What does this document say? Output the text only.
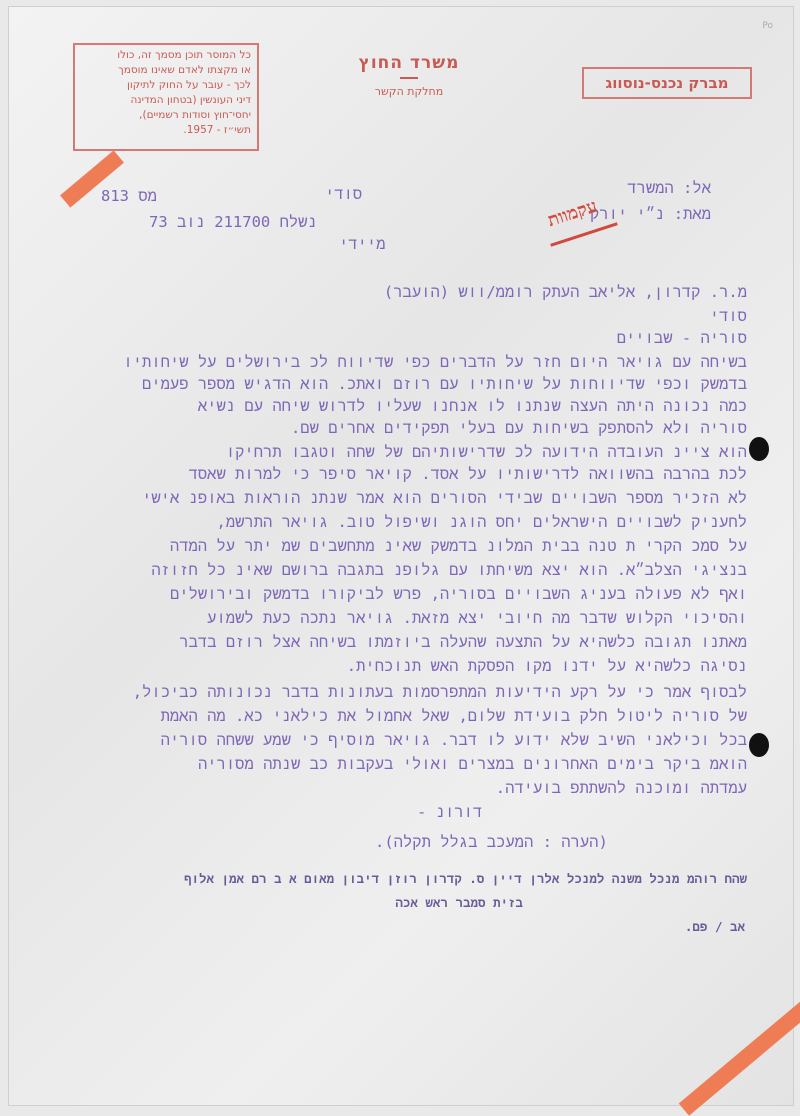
Po
כל המוסר תוכן מסמך זה, כולו
או מקצתו לאדם שאינו מוסמך
לכך - עובר על החוק לתיקון
דיני העונשין (בטחון המדינה
יחסי־חוץ וסודות רשמיים),
תשי״ז - 1957.
משרד החוץ
מחלקת הקשר	מברק נכנס-נוסווג
אל: המשרד
סודי
מס 813
מאת: נ״י יורק
נשלח 211700 נוב 73	עקמוות
מיידי
מ.ר. קדרון, אליאב העתק רוממ/ווש (הועבר)
סודי
סוריה - שבויים
בשיחה עם גויאר היום חזר על הדברים כפי שדיווח לכ בירושלים על שיחותיו
בדמשק וכפי שדיווחות על שיחותיו עם רוזם ואתכ. הוא הדגיש מספר פעמים
כמה נכונה היתה העצה שנתנו לו אנחנו שעליו לדרוש שיחה עם נשיא
סוריה ולא להסתפק בשיחות עם בעלי תפקידים אחרים שם.
הוא ציינ העובדה הידועה לכ שדרישותיהם של שחה וטגבו תרחיקו
לכת בהרבה בהשוואה לדרישותיו על אסד. קויאר סיפר כי למרות שאסד
לא הזכיר מספר השבויים שבידי הסורים הוא אמר שנתנ הוראות באופנ אישי
לחעניק לשבויים הישראלים יחס הוגנ ושיפול טוב. גויאר התרשמ,
על סמכ הקרי ת טנה בבית המלונ בדמשק שאינ מתחשבים שמ יתר על המדה
בנציגי הצלב״א. הוא יצא משיחתו עם גלופנ בתגבה ברושם שאינ כל חזוזה
ואף לא פעולה בעניג השבויים בסוריה, פרש לביקורו בדמשק ובירושלים
והסיכוי הקלוש שדבר מה חיובי יצא מזאת. גויאר נתכה כעת לשמוע
מאתנו תגובה כלשהיא על התצעה שהעלה ביוזמתו בשיחה אצל רוזם בדבר
נסיגה כלשהיא על ידנו מקו הפסקת האש תנוכחית.
לבסוף אמר כי על רקע הידיעות המתפרסמות בעתונות בדבר נכונותה כביכול,
של סוריה ליטול חלק בועידת שלום, שאל אחמול את כילאני כא. מה האמת
בכל וכילאני השיב שלא ידוע לו דבר. גויאר מוסיף כי שמע ששחה סוריה
הואמ ביקר בימים האחרונים במצרים ואולי בעקבות כב שנתה מסוריה
עמדתה ומוכנה להשתתפ בועידה.
דורונ -
(הערה : המעכב בגלל תקלה).
שהח רוהמ מנכל משנה למנכל אלרן דיין ס. קדרון רוזן דיבון מאום א ב רם אמן אלוף
בזית סמבר ראש אכה
אב / פם.
